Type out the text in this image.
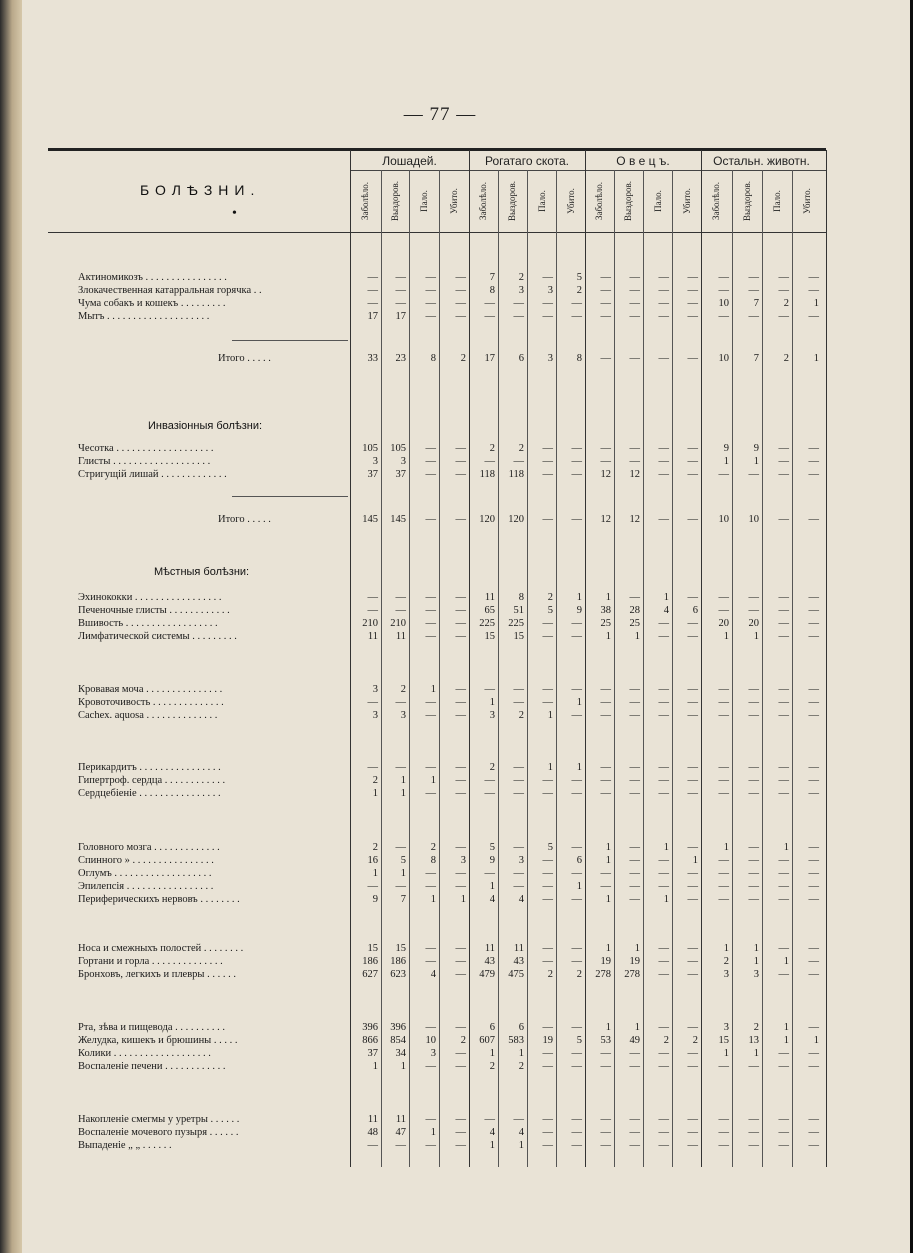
— 77 —
БОЛѢЗНИ.
•
Лошадей.	Рогатаго скота.	О в е ц ъ.	Остальн. животн.
Заболѣло. Выздоров. Пало. Убито. Заболѣло. Выздоров. Пало. Убито. Заболѣло. Выздоров. Пало. Убито. Заболѣло. Выздоров. Пало. Убито.
Инвазіонныя болѣзни:
Мѣстныя болѣзни:
Актиномикозъ . . . . . . . . . . . . . . . .	—	—	—	—	7	2	—	5	—	—	—	—	—	—	—	—
Злокачественная катарральная горячка . .	—	—	—	—	8	3	3	2	—	—	—	—	—	—	—	—
Чума собакъ и кошекъ . . . . . . . . .	—	—	—	—	—	—	—	—	—	—	—	—	10	7	2	1
Мытъ . . . . . . . . . . . . . . . . . . . .	17	17	—	—	—	—	—	—	—	—	—	—	—	—	—	—
Итого . . . . .	33	23	8	2	17	6	3	8	—	—	—	—	10	7	2	1
Чесотка . . . . . . . . . . . . . . . . . . .	105	105	—	—	2	2	—	—	—	—	—	—	9	9	—	—
Глисты . . . . . . . . . . . . . . . . . . .	3	3	—	—	—	—	—	—	—	—	—	—	1	1	—	—
Стригущій лишай . . . . . . . . . . . . .	37	37	—	—	118	118	—	—	12	12	—	—	—	—	—	—
Итого . . . . .	145	145	—	—	120	120	—	—	12	12	—	—	10	10	—	—
Эхинококки . . . . . . . . . . . . . . . . .	—	—	—	—	11	8	2	1	1	—	1	—	—	—	—	—
Печеночные глисты . . . . . . . . . . . .	—	—	—	—	65	51	5	9	38	28	4	6	—	—	—	—
Вшивость . . . . . . . . . . . . . . . . . .	210	210	—	—	225	225	—	—	25	25	—	—	20	20	—	—
Лимфатической системы . . . . . . . . .	11	11	—	—	15	15	—	—	1	1	—	—	1	1	—	—
Кровавая моча . . . . . . . . . . . . . . .	3	2	1	—	—	—	—	—	—	—	—	—	—	—	—	—
Кровоточивость . . . . . . . . . . . . . .	—	—	—	—	1	—	—	1	—	—	—	—	—	—	—	—
Cachex. aquosa . . . . . . . . . . . . . .	3	3	—	—	3	2	1	—	—	—	—	—	—	—	—	—
Перикардитъ . . . . . . . . . . . . . . . .	—	—	—	—	2	—	1	1	—	—	—	—	—	—	—	—
Гипертроф. сердца . . . . . . . . . . . .	2	1	1	—	—	—	—	—	—	—	—	—	—	—	—	—
Сердцебіеніе . . . . . . . . . . . . . . . .	1	1	—	—	—	—	—	—	—	—	—	—	—	—	—	—
Головного мозга . . . . . . . . . . . . .	2	—	2	—	5	—	5	—	1	—	1	—	1	—	1	—
Спинного » . . . . . . . . . . . . . . . .	16	5	8	3	9	3	—	6	1	—	—	1	—	—	—	—
Оглумъ . . . . . . . . . . . . . . . . . . .	1	1	—	—	—	—	—	—	—	—	—	—	—	—	—	—
Эпилепсія . . . . . . . . . . . . . . . . .	—	—	—	—	1	—	—	1	—	—	—	—	—	—	—	—
Периферическихъ нервовъ . . . . . . . .	9	7	1	1	4	4	—	—	1	—	1	—	—	—	—	—
Носа и смежныхъ полостей . . . . . . . .	15	15	—	—	11	11	—	—	1	1	—	—	1	1	—	—
Гортани и горла . . . . . . . . . . . . . .	186	186	—	—	43	43	—	—	19	19	—	—	2	1	1	—
Бронховъ, легкихъ и плевры . . . . . .	627	623	4	—	479	475	2	2	278	278	—	—	3	3	—	—
Рта, зѣва и пищевода . . . . . . . . . .	396	396	—	—	6	6	—	—	1	1	—	—	3	2	1	—
Желудка, кишекъ и брюшины . . . . .	866	854	10	2	607	583	19	5	53	49	2	2	15	13	1	1
Колики . . . . . . . . . . . . . . . . . . .	37	34	3	—	1	1	—	—	—	—	—	—	1	1	—	—
Воспаленіе печени . . . . . . . . . . . .	1	1	—	—	2	2	—	—	—	—	—	—	—	—	—	—
Накопленіе смегмы у уретры . . . . . .	11	11	—	—	—	—	—	—	—	—	—	—	—	—	—	—
Воспаленіе мочевого пузыря . . . . . .	48	47	1	—	4	4	—	—	—	—	—	—	—	—	—	—
Выпаденіе „ „ . . . . . .	—	—	—	—	1	1	—	—	—	—	—	—	—	—	—	—
